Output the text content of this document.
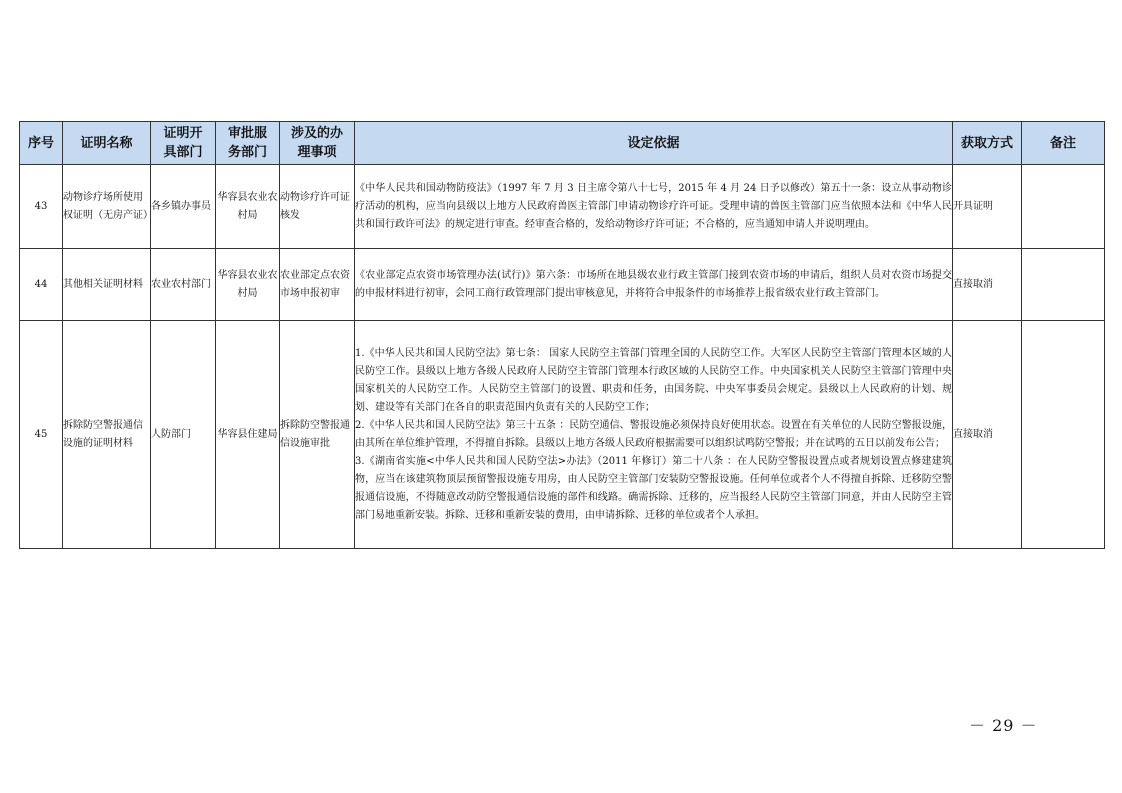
序号	证明名称	证明开具部门	审批服务部门	涉及的办理事项	设定依据	获取方式	备注
43	动物诊疗场所使用权证明（无房产证）	各乡镇办事员	华容县农业农村局	动物诊疗许可证核发	《中华人民共和国动物防疫法》（1997 年 7 月 3 日主席令第八十七号，2015 年 4 月 24 日予以修改）第五十一条：设立从事动物诊疗活动的机构，应当向县级以上地方人民政府兽医主管部门申请动物诊疗许可证。受理申请的兽医主管部门应当依照本法和《中华人民共和国行政许可法》的规定进行审查。经审查合格的，发给动物诊疗许可证；不合格的，应当通知申请人并说明理由。	开具证明	
44	其他相关证明材料	农业农村部门	华容县农业农村局	农业部定点农资市场申报初审	《农业部定点农资市场管理办法(试行)》第六条：市场所在地县级农业行政主管部门接到农资市场的申请后，组织人员对农资市场提交的申报材料进行初审，会同工商行政管理部门提出审核意见，并将符合申报条件的市场推荐上报省级农业行政主管部门。	直接取消	
45	拆除防空警报通信设施的证明材料	人防部门	华容县住建局	拆除防空警报通信设施审批	1.《中华人民共和国人民防空法》第七条： 国家人民防空主管部门管理全国的人民防空工作。大军区人民防空主管部门管理本区域的人民防空工作。县级以上地方各级人民政府人民防空主管部门管理本行政区域的人民防空工作。中央国家机关人民防空主管部门管理中央国家机关的人民防空工作。人民防空主管部门的设置、职责和任务，由国务院、中央军事委员会规定。县级以上人民政府的计划、规划、建设等有关部门在各自的职责范围内负责有关的人民防空工作；
2.《中华人民共和国人民防空法》第三十五条 ：民防空通信、警报设施必须保持良好使用状态。设置在有关单位的人民防空警报设施，由其所在单位维护管理，不得擅自拆除。县级以上地方各级人民政府根据需要可以组织试鸣防空警报；并在试鸣的五日以前发布公告；
3.《湖南省实施<中华人民共和国人民防空法>办法》（2011 年修订）第二十八条 ：在人民防空警报设置点或者规划设置点修建建筑物，应当在该建筑物顶层预留警报设施专用房，由人民防空主管部门安装防空警报设施。任何单位或者个人不得擅自拆除、迁移防空警报通信设施，不得随意改动防空警报通信设施的部件和线路。确需拆除、迁移的，应当报经人民防空主管部门同意，并由人民防空主管部门易地重新安装。拆除、迁移和重新安装的费用，由申请拆除、迁移的单位或者个人承担。	直接取消	
－ 29 －
